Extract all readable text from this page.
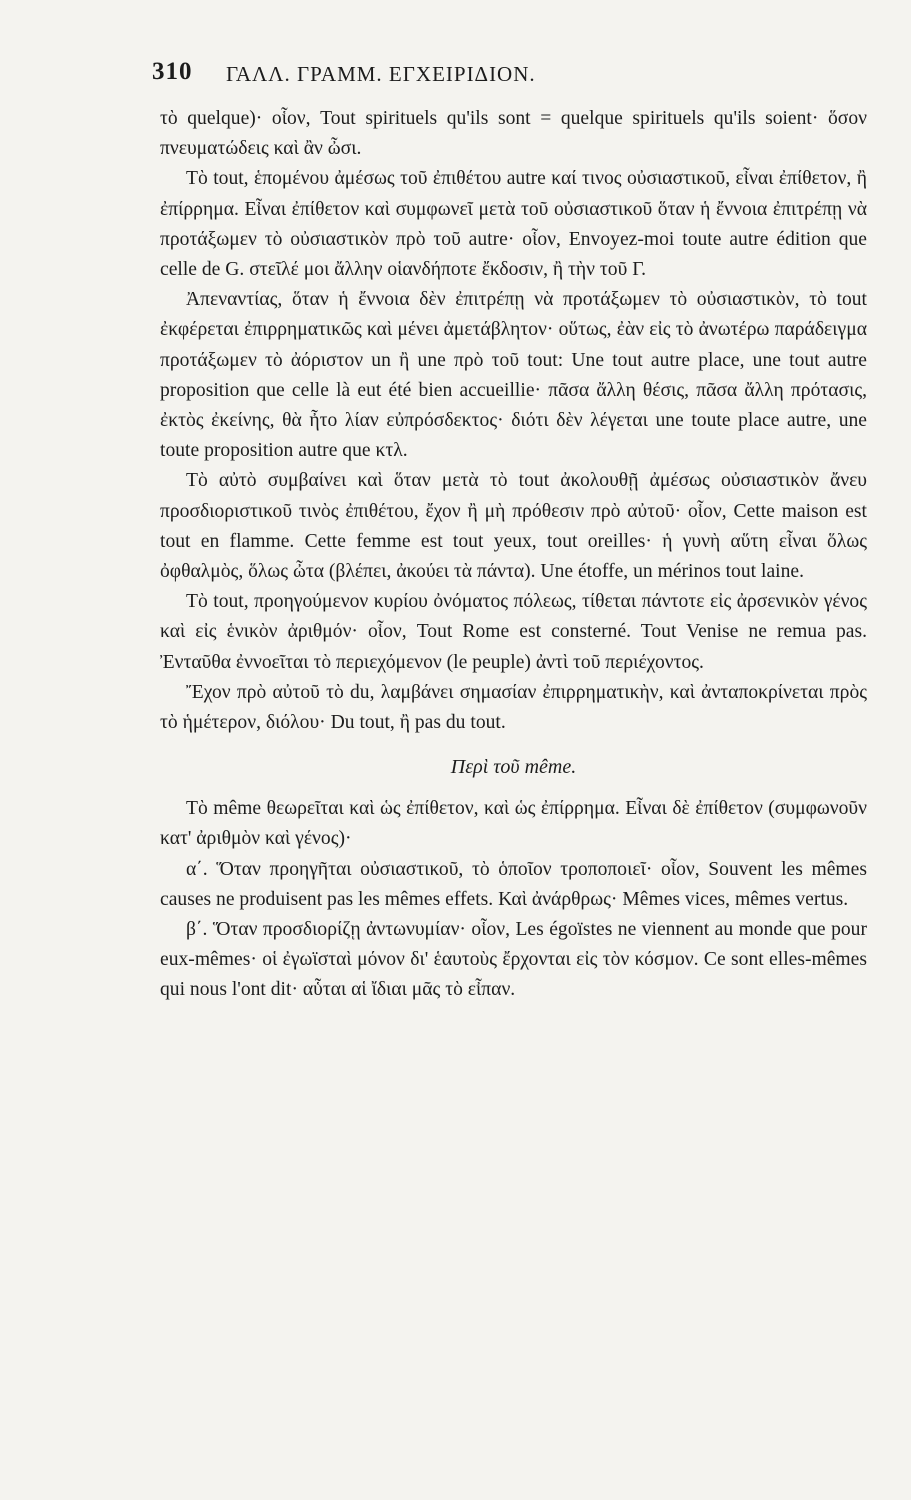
310 ΓΑΛΛ. ΓΡΑΜΜ. ΕΓΧΕΙΡΙΔΙΟΝ.

τὸ quelque)· οἷον, Tout spirituels qu'ils sont = quelque spirituels qu'ils soient· ὅσον πνευματώδεις καὶ ἂν ὦσι.

Τὸ tout, ἑπομένου ἀμέσως τοῦ ἐπιθέτου autre καί τινος οὐσιαστικοῦ, εἶναι ἐπίθετον, ἢ ἐπίρρημα. Εἶναι ἐπίθετον καὶ συμφωνεῖ μετὰ τοῦ οὐσιαστικοῦ ὅταν ἡ ἔννοια ἐπιτρέπῃ νὰ προτάξωμεν τὸ οὐσιαστικὸν πρὸ τοῦ autre· οἷον, Envoyez-moi toute autre édition que celle de G. στεῖλέ μοι ἄλλην οἱανδήποτε ἔκδοσιν, ἢ τὴν τοῦ Γ.

Ἀπεναντίας, ὅταν ἡ ἔννοια δὲν ἐπιτρέπῃ νὰ προτάξωμεν τὸ οὐσιαστικὸν, τὸ tout ἐκφέρεται ἐπιρρηματικῶς καὶ μένει ἀμετάβλητον· οὕτως, ἐὰν εἰς τὸ ἀνωτέρω παράδειγμα προτάξωμεν τὸ ἀόριστον un ἢ une πρὸ τοῦ tout: Une tout autre place, une tout autre proposition que celle là eut été bien accueillie· πᾶσα ἄλλη θέσις, πᾶσα ἄλλη πρότασις, ἐκτὸς ἐκείνης, θὰ ἦτο λίαν εὐπρόσδεκτος· διότι δὲν λέγεται une toute place autre, une toute proposition autre que κτλ.

Τὸ αὐτὸ συμβαίνει καὶ ὅταν μετὰ τὸ tout ἀκολουθῇ ἀμέσως οὐσιαστικὸν ἄνευ προσδιοριστικοῦ τινὸς ἐπιθέτου, ἔχον ἢ μὴ πρόθεσιν πρὸ αὐτοῦ· οἷον, Cette maison est tout en flamme. Cette femme est tout yeux, tout oreilles· ἡ γυνὴ αὕτη εἶναι ὅλως ὀφθαλμὸς, ὅλως ὦτα (βλέπει, ἀκούει τὰ πάντα). Une étoffe, un mérinos tout laine.

Τὸ tout, προηγούμενον κυρίου ὀνόματος πόλεως, τίθεται πάντοτε εἰς ἀρσενικὸν γένος καὶ εἰς ἑνικὸν ἀριθμόν· οἷον, Tout Rome est consterné. Tout Venise ne remua pas. Ἐνταῦθα ἐννοεῖται τὸ περιεχόμενον (le peuple) ἀντὶ τοῦ περιέχοντος.

Ἔχον πρὸ αὐτοῦ τὸ du, λαμβάνει σημασίαν ἐπιρρηματικὴν, καὶ ἀνταποκρίνεται πρὸς τὸ ἡμέτερον, διόλου· Du tout, ἢ pas du tout.

Περὶ τοῦ même.

Τὸ même θεωρεῖται καὶ ὡς ἐπίθετον, καὶ ὡς ἐπίρρημα. Εἶναι δὲ ἐπίθετον (συμφωνοῦν κατ' ἀριθμὸν καὶ γένος)·

α΄. Ὅταν προηγῆται οὐσιαστικοῦ, τὸ ὁποῖον τροποποιεῖ· οἷον, Souvent les mêmes causes ne produisent pas les mêmes effets. Καὶ ἀνάρθρως· Mêmes vices, mêmes vertus.

β΄. Ὅταν προσδιορίζῃ ἀντωνυμίαν· οἷον, Les égoïstes ne viennent au monde que pour eux-mêmes· οἱ ἐγωϊσταὶ μόνον δι' ἑαυτοὺς ἔρχονται εἰς τὸν κόσμον. Ce sont elles-mêmes qui nous l'ont dit· αὗται αἱ ἴδιαι μᾶς τὸ εἶπαν.
